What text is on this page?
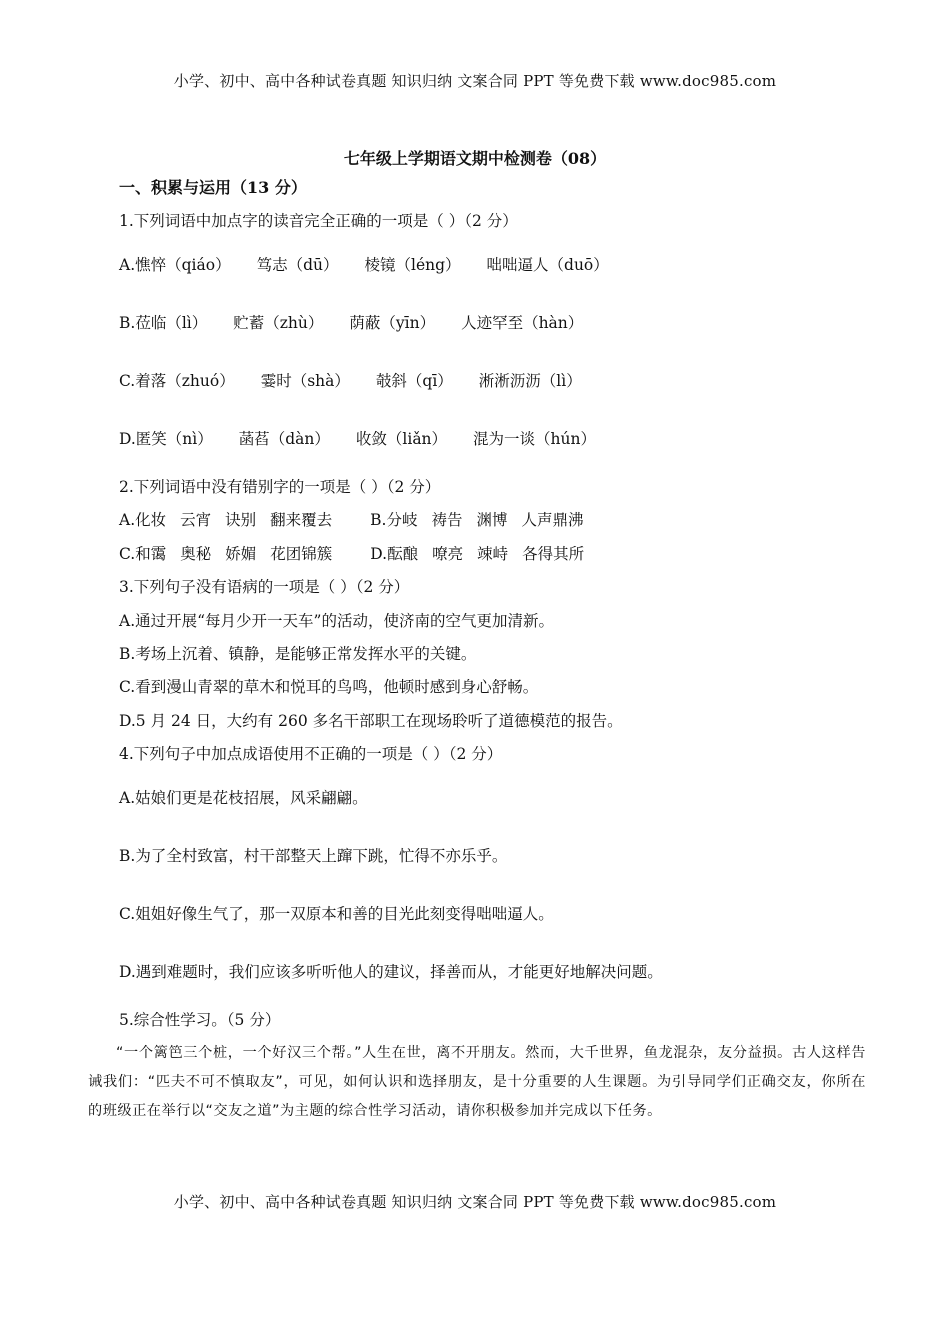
小学、初中、高中各种试卷真题 知识归纳 文案合同 PPT 等免费下载 www.doc985.com
七年级上学期语文期中检测卷（08）
一、积累与运用（13 分）
1.下列词语中加点字的读音完全正确的一项是（ ）（2 分）
A.憔悴（qiáo） 笃志（dū） 棱镜（léng） 咄咄逼人（duō）
B.莅临（lì） 贮蓄（zhù） 荫蔽（yīn） 人迹罕至（hàn）
C.着落（zhuó） 霎时（shà） 攲斜（qī） 淅淅沥沥（lì）
D.匿笑（nì） 菡萏（dàn） 收敛（liǎn） 混为一谈（hún）
2.下列词语中没有错别字的一项是（ ）（2 分）
A.化妆 云宵 诀别 翻来覆去 B.分岐 祷告 渊博 人声鼎沸
C.和霭 奥秘 娇媚 花团锦簇 D.酝酿 嘹亮 竦峙 各得其所
3.下列句子没有语病的一项是（ ）（2 分）
A.通过开展“每月少开一天车”的活动，使济南的空气更加清新。
B.考场上沉着、镇静，是能够正常发挥水平的关键。
C.看到漫山青翠的草木和悦耳的鸟鸣，他顿时感到身心舒畅。
D.5 月 24 日，大约有 260 多名干部职工在现场聆听了道德模范的报告。
4.下列句子中加点成语使用不正确的一项是（ ）（2 分）
A.姑娘们更是花枝招展，风采翩翩。
B.为了全村致富，村干部整天上蹿下跳，忙得不亦乐乎。
C.姐姐好像生气了，那一双原本和善的目光此刻变得咄咄逼人。
D.遇到难题时，我们应该多听听他人的建议，择善而从，才能更好地解决问题。
5.综合性学习。（5 分）
“一个篱笆三个桩，一个好汉三个帮。”人生在世，离不开朋友。然而，大千世界，鱼龙混杂，友分益损。古人这样告诫我们：“匹夫不可不慎取友”，可见，如何认识和选择朋友，是十分重要的人生课题。为引导同学们正确交友，你所在的班级正在举行以“交友之道”为主题的综合性学习活动，请你积极参加并完成以下任务。
小学、初中、高中各种试卷真题 知识归纳 文案合同 PPT 等免费下载 www.doc985.com
